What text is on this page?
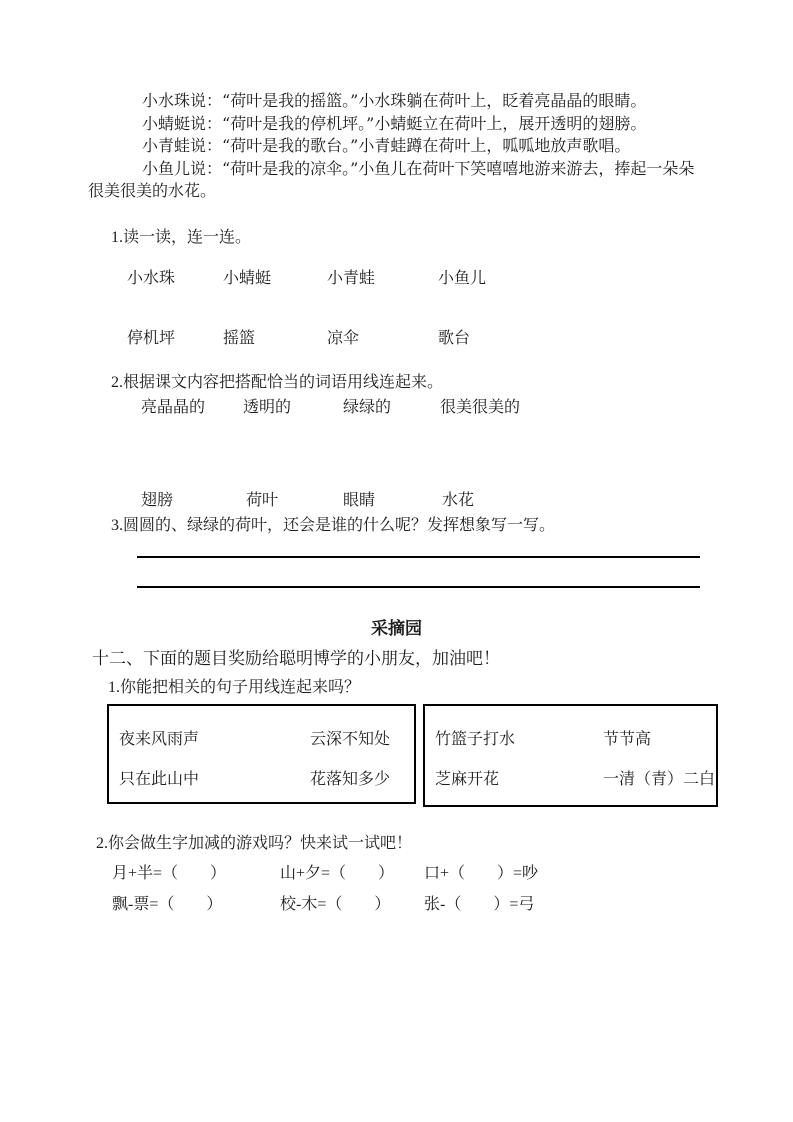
小水珠说：“荷叶是我的摇篮。”小水珠躺在荷叶上，眨着亮晶晶的眼睛。
小蜻蜓说：“荷叶是我的停机坪。”小蜻蜓立在荷叶上，展开透明的翅膀。
小青蛙说：“荷叶是我的歌台。”小青蛙蹲在荷叶上，呱呱地放声歌唱。
小鱼儿说：“荷叶是我的凉伞。”小鱼儿在荷叶下笑嘻嘻地游来游去，捧起一朵朵
很美很美的水花。
1.读一读，连一连。
小水珠	小蜻蜓	小青蛙	小鱼儿
停机坪	摇篮	凉伞	歌台
2.根据课文内容把搭配恰当的词语用线连起来。
亮晶晶的 透明的	绿绿的	很美很美的
翅膀	荷叶	眼睛	水花
3.圆圆的、绿绿的荷叶，还会是谁的什么呢？发挥想象写一写。
采摘园
十二、下面的题目奖励给聪明博学的小朋友，加油吧！
1.你能把相关的句子用线连起来吗？
夜来风雨声	云深不知处
只在此山中	花落知多少
竹篮子打水	节节高
芝麻开花	一清（青）二白
2.你会做生字加减的游戏吗？快来试一试吧！
月+半=（　　）	山+夕=（　　） 口+（　　）=吵
飘-票=（　　）	校-木=（　　） 张-（　　）=弓
